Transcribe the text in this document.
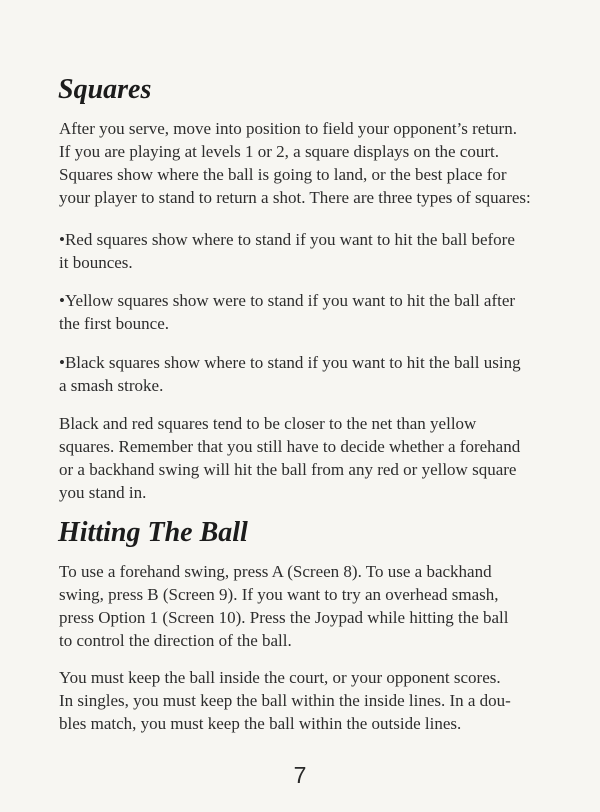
Squares

After you serve, move into position to field your opponent’s return.
If you are playing at levels 1 or 2, a square displays on the court.
Squares show where the ball is going to land, or the best place for
your player to stand to return a shot. There are three types of squares:

•Red squares show where to stand if you want to hit the ball before
it bounces.

•Yellow squares show were to stand if you want to hit the ball after
the first bounce.

•Black squares show where to stand if you want to hit the ball using
a smash stroke.

Black and red squares tend to be closer to the net than yellow
squares. Remember that you still have to decide whether a forehand
or a backhand swing will hit the ball from any red or yellow square
you stand in.

Hitting The Ball

To use a forehand swing, press A (Screen 8). To use a backhand
swing, press B (Screen 9). If you want to try an overhead smash,
press Option 1 (Screen 10). Press the Joypad while hitting the ball
to control the direction of the ball.

You must keep the ball inside the court, or your opponent scores.
In singles, you must keep the ball within the inside lines. In a dou-
bles match, you must keep the ball within the outside lines.

7
